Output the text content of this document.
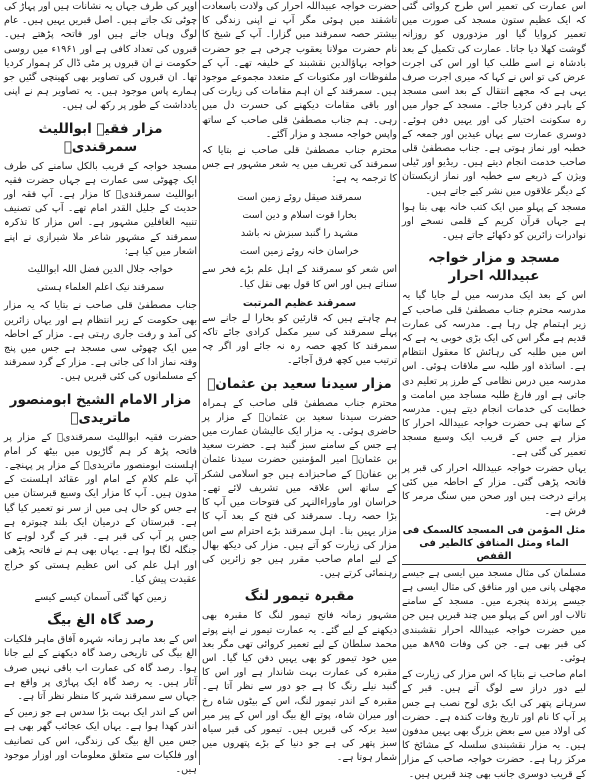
اس عمارت کی تعمیر اس طرح کروائی گئی کہ ایک عظیم ستون مسجد کی صورت میں تعمیر کروایا گیا اور مزدوروں کو روزانہ گوشت کھلا دیا جاتا۔ عمارت کی تکمیل کے بعد بادشاہ نے اسے طلب کیا اور اس کی اجرت عرض کی تو اس نے کہا کہ میری اجرت صرف یہی ہے کہ مجھے انتقال کے بعد اسی مسجد کے باہر دفن کردیا جائے۔ مسجد کے جوار میں رہ سکونت اختیار کی اور یہیں دفن ہوئے۔ دوسری عمارت سے یہاں عیدین اور جمعہ کے خطبہ اور نماز ہوتی ہے۔ جناب مصطفیٰ قلی صاحب خدمت انجام دیتے ہیں۔ ریڈیو اور ٹیلی ویژن کے ذریعے سے خطبہ اور نماز ازبکستان کے دیگر علاقوں میں نشر کیے جاتے ہیں۔

مسجد کے پہلو میں ایک کتب خانہ بھی بنا ہوا ہے جہاں قرآن کریم کے قلمی نسخے اور نوادرات زائرین کو دکھائے جاتے ہیں۔

مسجد و مزار خواجہ عبیداللہ احرار

اس کے بعد ایک مدرسہ میں لے جایا گیا یہ مدرسہ محترم جناب مصطفیٰ قلی صاحب کے زیر اہتمام چل رہا ہے۔ مدرسہ کی عمارت قدیم ہے مگر اس کی ایک بڑی خوبی یہ ہے کہ اس میں طلبہ کی رہائش کا معقول انتظام ہے۔ اساتذہ اور طلبہ سے ملاقات ہوئی۔ اس مدرسہ میں درس نظامی کے طرز پر تعلیم دی جاتی ہے اور فارغ طلبہ مساجد میں امامت و خطابت کی خدمات انجام دیتے ہیں۔ مدرسہ کے ساتھ ہی حضرت خواجہ عبیداللہ احرار کا مزار ہے جس کے قریب ایک وسیع مسجد تعمیر کی گئی ہے۔

یہاں حضرت خواجہ عبیداللہ احرار کی قبر پر فاتحہ پڑھی گئی۔ مزار کے احاطہ میں کئی پرانے درخت ہیں اور صحن میں سنگ مرمر کا فرش ہے۔

مثل المؤمن فی المسجد کالسمک فی الماء ومثل المنافق کالطیر فی القفص

مسلمان کی مثال مسجد میں ایسی ہے جیسے مچھلی پانی میں اور منافق کی مثال ایسی ہے جیسے پرندہ پنجرے میں۔ مسجد کے سامنے تالاب اور اس کے پہلو میں چند قبریں ہیں جن میں حضرت خواجہ عبیداللہ احرار نقشبندی کی قبر بھی ہے۔ جن کی وفات ۸۹۵ھ میں ہوئی۔

امام صاحب نے بتایا کہ اس مزار کی زیارت کے لیے دور دراز سے لوگ آتے ہیں۔ قبر کے سرہانے پتھر کی ایک بڑی لوح نصب ہے جس پر آپ کا نام اور تاریخ وفات کندہ ہے۔ حضرت کی اولاد میں سے بعض بزرگ بھی یہیں مدفون ہیں۔ یہ مزار نقشبندی سلسلہ کے مشائخ کا مرکز رہا ہے۔ حضرت خواجہ صاحب کے مزار کے قریب دوسری جانب بھی چند قبریں ہیں۔

حضرت خواجہ عبیداللہ احرار کی ولادت باسعادت تاشقند میں ہوئی مگر آپ نے اپنی زندگی کا بیشتر حصہ سمرقند میں گزارا۔ آپ کے شیخ کا نام حضرت مولانا یعقوب چرخی ہے جو حضرت خواجہ بہاؤالدین نقشبند کے خلیفہ تھے۔ آپ کے ملفوظات اور مکتوبات کے متعدد مجموعے موجود ہیں۔ سمرقند کے ان اہم مقامات کی زیارت کی اور باقی مقامات دیکھنے کی حسرت دل میں رہی۔ ہم جناب مصطفیٰ قلی صاحب کے ساتھ واپس خواجہ مسجد و مزار آگئے۔

محترم جناب مصطفیٰ قلی صاحب نے بتایا کہ سمرقند کی تعریف میں یہ شعر مشہور ہے جس کا ترجمہ یہ ہے:

سمرقند صیقل روئے زمین است
بخارا قوت اسلام و دین است
مشہد را گنبد سبزش نہ باشد
خراسان خانہ روئے زمین است

اس شعر کو سمرقند کے اہل علم بڑے فخر سے سناتے ہیں اور اس کا قول بھی نقل کیا۔

سمرقند عظیم المرتبت

ہم چاہتے ہیں کہ قارئین کو بخارا لے جانے سے پہلے سمرقند کی سیر مکمل کرادی جائے تاکہ سمرقند کا کچھ حصہ رہ نہ جائے اور اگر چہ ترتیب میں کچھ فرق آجائے۔

مزار سیدنا سعید بن عثمانؓ

محترم جناب مصطفیٰ قلی صاحب کے ہمراہ حضرت سیدنا سعید بن عثمانؓ کے مزار پر حاضری ہوئی۔ یہ مزار ایک عالیشان عمارت میں ہے جس کے سامنے سبز گنبد ہے۔ حضرت سعید بن عثمانؓ امیر المؤمنین حضرت سیدنا عثمان بن عفانؓ کے صاحبزادے ہیں جو اسلامی لشکر کے ساتھ اس علاقہ میں تشریف لائے تھے۔ خراسان اور ماوراءالنہر کی فتوحات میں آپ کا بڑا حصہ رہا۔ سمرقند کی فتح کے بعد آپ کا مزار یہیں بنا۔ اہل سمرقند بڑے احترام سے اس مزار کی زیارت کو آتے ہیں۔ مزار کی دیکھ بھال کے لیے امام صاحب مقرر ہیں جو زائرین کی رہنمائی کرتے ہیں۔

مقبرہ تیمور لنگ

مشہور زمانہ فاتح تیمور لنگ کا مقبرہ بھی دیکھنے کے لیے گئے۔ یہ عمارت تیمور نے اپنے پوتے محمد سلطان کے لیے تعمیر کروائی تھی مگر بعد میں خود تیمور کو بھی یہیں دفن کیا گیا۔ اس مقبرہ کی عمارت بہت شاندار ہے اور اس کا گنبد نیلے رنگ کا ہے جو دور سے نظر آتا ہے۔ مقبرہ کے اندر تیمور لنگ، اس کے بیٹوں شاہ رخ اور میران شاہ، پوتے الغ بیگ اور اس کے پیر میر سید برکہ کی قبریں ہیں۔ تیمور کی قبر سیاہ سبز پتھر کی ہے جو دنیا کے بڑے پتھروں میں شمار ہوتا ہے۔

اوپر کی طرف جہاں یہ نشانات ہیں اور پہاڑ کی چوٹی تک جاتے ہیں۔ اصل قبریں یہیں ہیں۔ عام لوگ وہاں جاتے ہیں اور فاتحہ پڑھتے ہیں۔ قبروں کی تعداد کافی ہے اور ۱۹۶۱ء میں روسی حکومت نے ان قبروں پر مٹی ڈال کر ہموار کردیا تھا۔ ان قبروں کی تصاویر بھی کھینچی گئیں جو ہمارے پاس موجود ہیں۔ یہ تصاویر ہم نے اپنی یادداشت کے طور پر رکھ لی ہیں۔

مزار فقیہ ابواللیث سمرقندیؒ

مسجد خواجہ کے قریب بالکل سامنے کی طرف ایک چھوٹی سی عمارت ہے جہاں حضرت فقیہ ابواللیث سمرقندیؒ کا مزار ہے۔ آپ فقہ اور حدیث کے جلیل القدر امام تھے۔ آپ کی تصنیف تنبیہ الغافلین مشہور ہے۔ اس مزار کا تذکرہ سمرقند کے مشہور شاعر ملا شیرازی نے اپنے اشعار میں کیا ہے:

خواجہ جلال الدین فضل اللہ ابواللیث
سمرقند نیک اعلم العلماء ہستی

جناب مصطفیٰ قلی صاحب نے بتایا کہ یہ مزار بھی حکومت کے زیر انتظام ہے اور یہاں زائرین کی آمد و رفت جاری رہتی ہے۔ مزار کے احاطہ میں ایک چھوٹی سی مسجد ہے جس میں پنج وقتہ نماز ادا کی جاتی ہے۔ مزار کے گرد سمرقند کے مسلمانوں کی کئی قبریں ہیں۔

مزار الامام الشیخ ابومنصور ماتریدیؒ

حضرت فقیہ ابواللیث سمرقندیؒ کے مزار پر فاتحہ پڑھ کر ہم گاڑیوں میں بیٹھ کر امام اہلسنت ابومنصور ماتریدیؒ کے مزار پر پہنچے۔ آپ علم کلام کے امام اور عقائد اہلسنت کے مدون ہیں۔ آپ کا مزار ایک وسیع قبرستان میں ہے جس کو حال ہی میں از سر نو تعمیر کیا گیا ہے۔ قبرستان کے درمیان ایک بلند چبوترہ ہے جس پر آپ کی قبر ہے۔ قبر کے گرد لوہے کا جنگلہ لگا ہوا ہے۔ یہاں بھی ہم نے فاتحہ پڑھی اور اہل علم کی اس عظیم ہستی کو خراج عقیدت پیش کیا۔

زمین کھا گئی آسمان کیسے کیسے
رصد گاہ الغ بیگ

اس کے بعد ماہر زمانہ شہرہ آفاق ماہر فلکیات الغ بیگ کی تاریخی رصد گاہ دیکھنے کے لیے جانا ہوا۔ رصد گاہ کی عمارت اب باقی نہیں صرف آثار ہیں۔ یہ رصد گاہ ایک پہاڑی پر واقع ہے جہاں سے سمرقند شہر کا منظر نظر آتا ہے۔

اس کے اندر ایک بہت بڑا سدس ہے جو زمین کے اندر کھدا ہوا ہے۔ یہاں ایک عجائب گھر بھی ہے جس میں الغ بیگ کی زندگی، اس کی تصانیف اور فلکیات سے متعلق معلومات اور اوزار موجود ہیں۔
